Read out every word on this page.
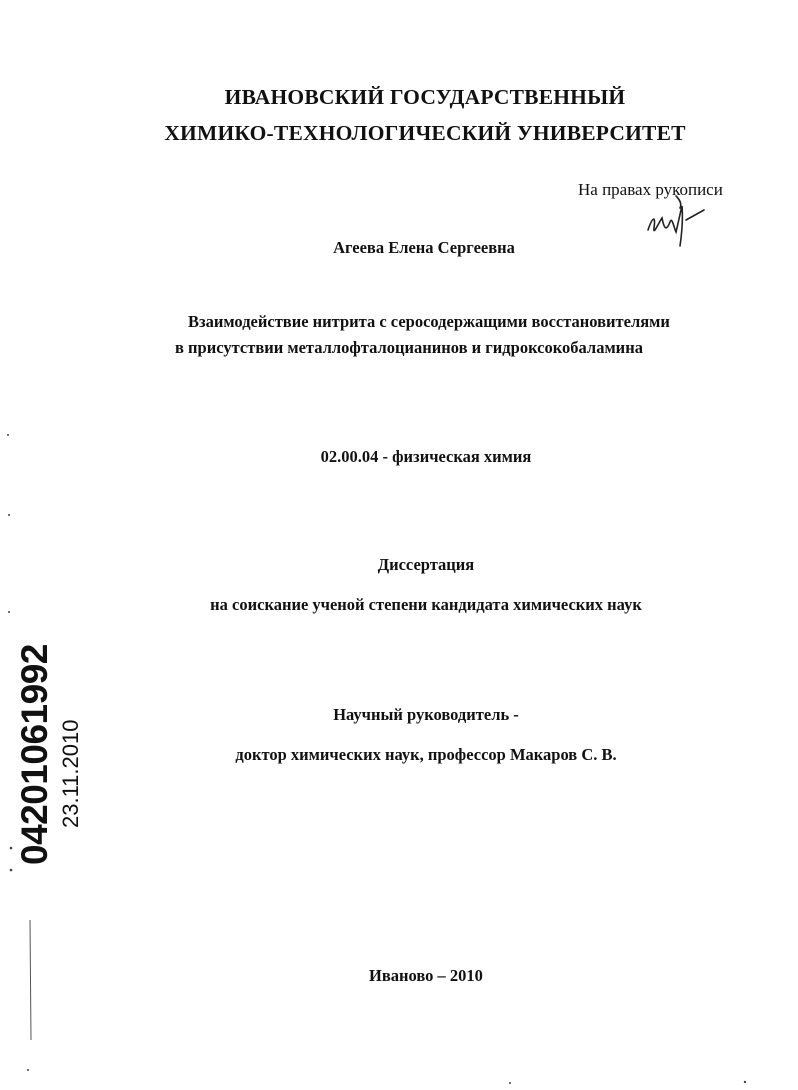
ИВАНОВСКИЙ ГОСУДАРСТВЕННЫЙ
ХИМИКО-ТЕХНОЛОГИЧЕСКИЙ УНИВЕРСИТЕТ
На правах рукописи
Агеева Елена Сергеевна
Взаимодействие нитрита с серосодержащими восстановителями
в присутствии металлофталоцианинов и гидроксокобаламина
02.00.04 - физическая химия
Диссертация
на соискание ученой степени кандидата химических наук
Научный руководитель -
доктор химических наук, профессор Макаров С. В.
Иваново – 2010
04201061992 23.11.2010
